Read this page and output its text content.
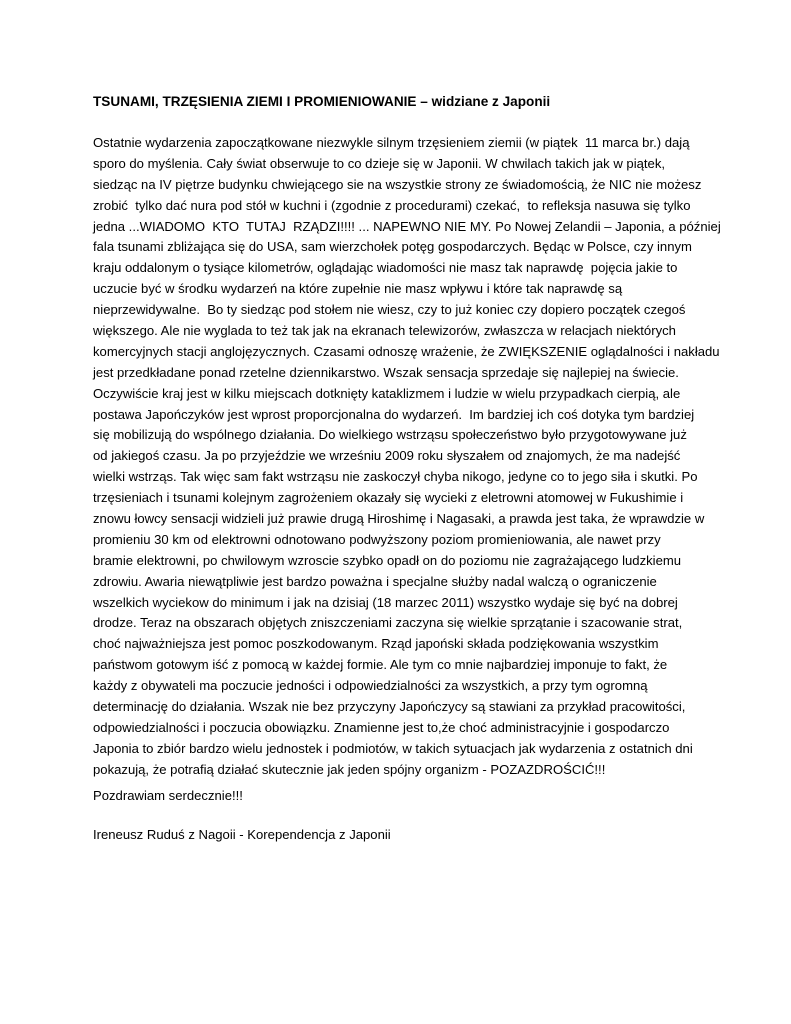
TSUNAMI, TRZĘSIENIA ZIEMI I PROMIENIOWANIE – widziane z Japonii
Ostatnie wydarzenia zapoczątkowane niezwykle silnym trzęsieniem ziemii (w piątek  11 marca br.) dają
sporo do myślenia. Cały świat obserwuje to co dzieje się w Japonii. W chwilach takich jak w piątek,
siedząc na IV piętrze budynku chwiejącego sie na wszystkie strony ze świadomością, że NIC nie możesz
zrobić  tylko dać nura pod stół w kuchni i (zgodnie z procedurami) czekać,  to refleksja nasuwa się tylko
jedna ...WIADOMO  KTO  TUTAJ  RZĄDZI!!!! ... NAPEWNO NIE MY. Po Nowej Zelandii – Japonia, a później
fala tsunami zbliżająca się do USA, sam wierzchołek potęg gospodarczych. Będąc w Polsce, czy innym
kraju oddalonym o tysiące kilometrów, oglądając wiadomości nie masz tak naprawdę  pojęcia jakie to
uczucie być w środku wydarzeń na które zupełnie nie masz wpływu i które tak naprawdę są
nieprzewidywalne.  Bo ty siedząc pod stołem nie wiesz, czy to już koniec czy dopiero początek czegoś
większego. Ale nie wyglada to też tak jak na ekranach telewizorów, zwłaszcza w relacjach niektórych
komercyjnych stacji anglojęzycznych. Czasami odnoszę wrażenie, że ZWIĘKSZENIE oglądalności i nakładu
jest przedkładane ponad rzetelne dziennikarstwo. Wszak sensacja sprzedaje się najlepiej na świecie.
Oczywiście kraj jest w kilku miejscach dotknięty kataklizmem i ludzie w wielu przypadkach cierpią, ale
postawa Japończyków jest wprost proporcjonalna do wydarzeń.  Im bardziej ich coś dotyka tym bardziej
się mobilizują do wspólnego działania. Do wielkiego wstrząsu społeczeństwo było przygotowywane już
od jakiegoś czasu. Ja po przyjeździe we wrześniu 2009 roku słyszałem od znajomych, że ma nadejść
wielki wstrząs. Tak więc sam fakt wstrząsu nie zaskoczył chyba nikogo, jedyne co to jego siła i skutki. Po
trzęsieniach i tsunami kolejnym zagrożeniem okazały się wycieki z eletrowni atomowej w Fukushimie i
znowu łowcy sensacji widzieli już prawie drugą Hiroshimę i Nagasaki, a prawda jest taka, że wprawdzie w
promieniu 30 km od elektrowni odnotowano podwyższony poziom promieniowania, ale nawet przy
bramie elektrowni, po chwilowym wzroscie szybko opadł on do poziomu nie zagrażającego ludzkiemu
zdrowiu. Awaria niewątpliwie jest bardzo poważna i specjalne służby nadal walczą o ograniczenie
wszelkich wyciekow do minimum i jak na dzisiaj (18 marzec 2011) wszystko wydaje się być na dobrej
drodze. Teraz na obszarach objętych zniszczeniami zaczyna się wielkie sprzątanie i szacowanie strat,
choć najważniejsza jest pomoc poszkodowanym. Rząd japoński składa podziękowania wszystkim
państwom gotowym iść z pomocą w każdej formie. Ale tym co mnie najbardziej imponuje to fakt, że
każdy z obywateli ma poczucie jedności i odpowiedzialności za wszystkich, a przy tym ogromną
determinację do działania. Wszak nie bez przyczyny Japończycy są stawiani za przykład pracowitości,
odpowiedzialności i poczucia obowiązku. Znamienne jest to,że choć administracyjnie i gospodarczo
Japonia to zbiór bardzo wielu jednostek i podmiotów, w takich sytuacjach jak wydarzenia z ostatnich dni
pokazują, że potrafią działać skutecznie jak jeden spójny organizm - POZAZDROŚCIĆ!!!
Pozdrawiam serdecznie!!!
Ireneusz Ruduś z Nagoii - Korependencja z Japonii
